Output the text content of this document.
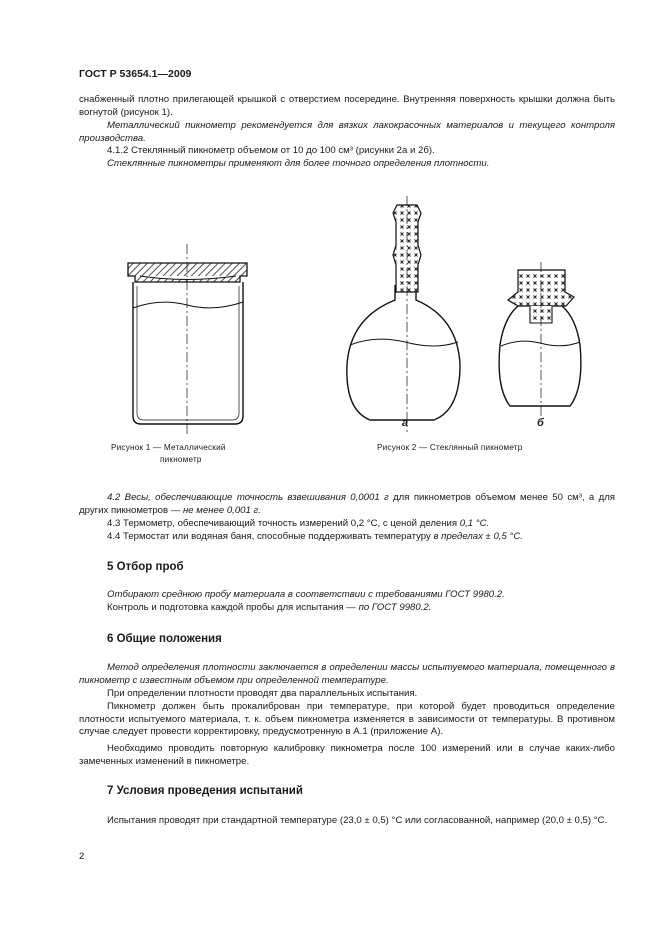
ГОСТ Р 53654.1—2009
снабженный плотно прилегающей крышкой с отверстием посередине. Внутренняя поверхность крышки должна быть вогнутой (рисунок 1).
Металлический пикнометр рекомендуется для вязких лакокрасочных материалов и текущего контроля производства.
4.1.2 Стеклянный пикнометр объемом от 10 до 100 см³ (рисунки 2а и 2б).
Стеклянные пикнометры применяют для более точного определения плотности.
а	б
Рисунок 1 — Металлический
пикнометр
Рисунок 2 — Стеклянный пикнометр
4.2 Весы, обеспечивающие точность взвешивания 0,0001 г для пикнометров объемом менее 50 см³, а для других пикнометров — не менее 0,001 г.
4.3 Термометр, обеспечивающий точность измерений 0,2 °С, с ценой деления 0,1 °С.
4.4 Термостат или водяная баня, способные поддерживать температуру в пределах ± 0,5 °С.
5 Отбор проб
Отбирают среднюю пробу материала в соответствии с требованиями ГОСТ 9980.2.
Контроль и подготовка каждой пробы для испытания — по ГОСТ 9980.2.
6 Общие положения
Метод определения плотности заключается в определении массы испытуемого материала, помещенного в пикнометр с известным объемом при определенной температуре.
При определении плотности проводят два параллельных испытания.
Пикнометр должен быть прокалиброван при температуре, при которой будет проводиться определение плотности испытуемого материала, т. к. объем пикнометра изменяется в зависимости от температуры. В противном случае следует провести корректировку, предусмотренную в А.1 (приложение А).
Необходимо проводить повторную калибровку пикнометра после 100 измерений или в случае каких-либо замеченных изменений в пикнометре.
7 Условия проведения испытаний
Испытания проводят при стандартной температуре (23,0 ± 0,5) °С или согласованной, например (20,0 ± 0,5) °С.
2
